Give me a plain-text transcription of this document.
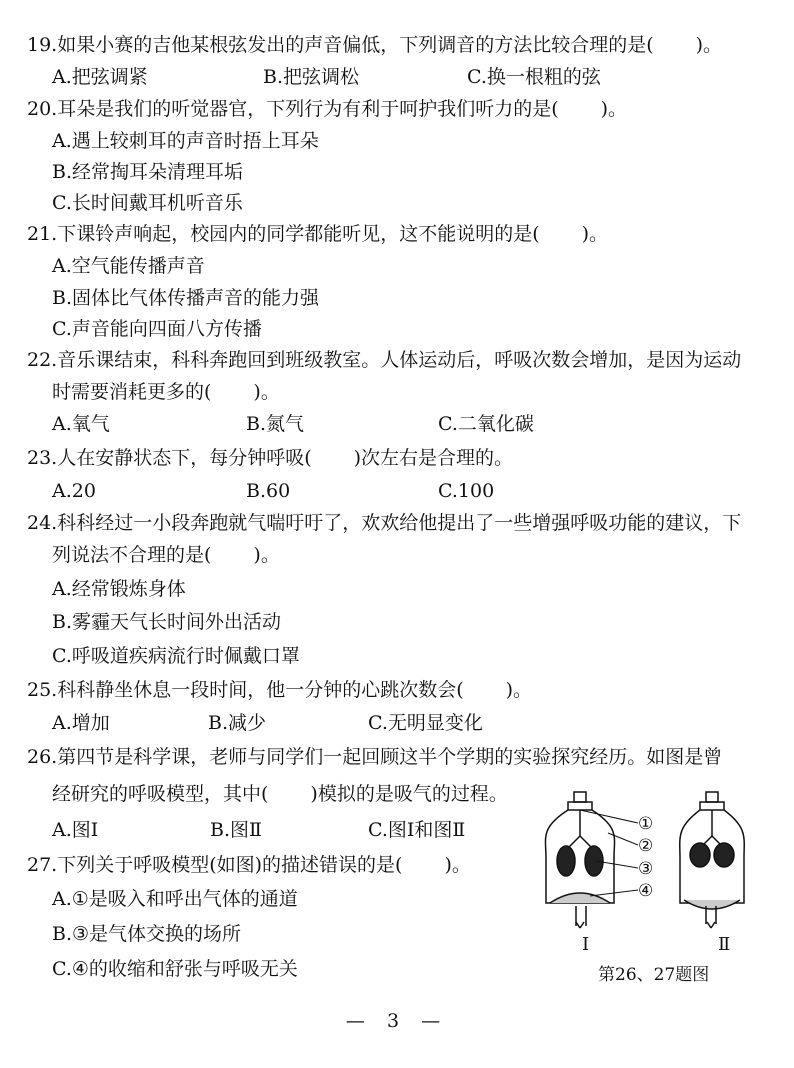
19.如果小赛的吉他某根弦发出的声音偏低，下列调音的方法比较合理的是( )。
A.把弦调紧	B.把弦调松	C.换一根粗的弦
20.耳朵是我们的听觉器官，下列行为有利于呵护我们听力的是( )。
A.遇上较刺耳的声音时捂上耳朵
B.经常掏耳朵清理耳垢
C.长时间戴耳机听音乐
21.下课铃声响起，校园内的同学都能听见，这不能说明的是( )。
A.空气能传播声音
B.固体比气体传播声音的能力强
C.声音能向四面八方传播
22.音乐课结束，科科奔跑回到班级教室。人体运动后，呼吸次数会增加，是因为运动
时需要消耗更多的( )。
A.氧气	B.氮气	C.二氧化碳
23.人在安静状态下，每分钟呼吸( )次左右是合理的。
A.20	B.60	C.100
24.科科经过一小段奔跑就气喘吁吁了，欢欢给他提出了一些增强呼吸功能的建议，下
列说法不合理的是( )。
A.经常锻炼身体
B.雾霾天气长时间外出活动
C.呼吸道疾病流行时佩戴口罩
25.科科静坐休息一段时间，他一分钟的心跳次数会( )。
A.增加	B.减少	C.无明显变化
26.第四节是科学课，老师与同学们一起回顾这半个学期的实验探究经历。如图是曾
经研究的呼吸模型，其中( )模拟的是吸气的过程。
A.图Ⅰ	B.图Ⅱ	C.图Ⅰ和图Ⅱ
27.下列关于呼吸模型(如图)的描述错误的是( )。
A.①是吸入和呼出气体的通道
B.③是气体交换的场所
C.④的收缩和舒张与呼吸无关
①
②
③
④
Ⅰ	Ⅱ
第26、27题图
— 3 —
